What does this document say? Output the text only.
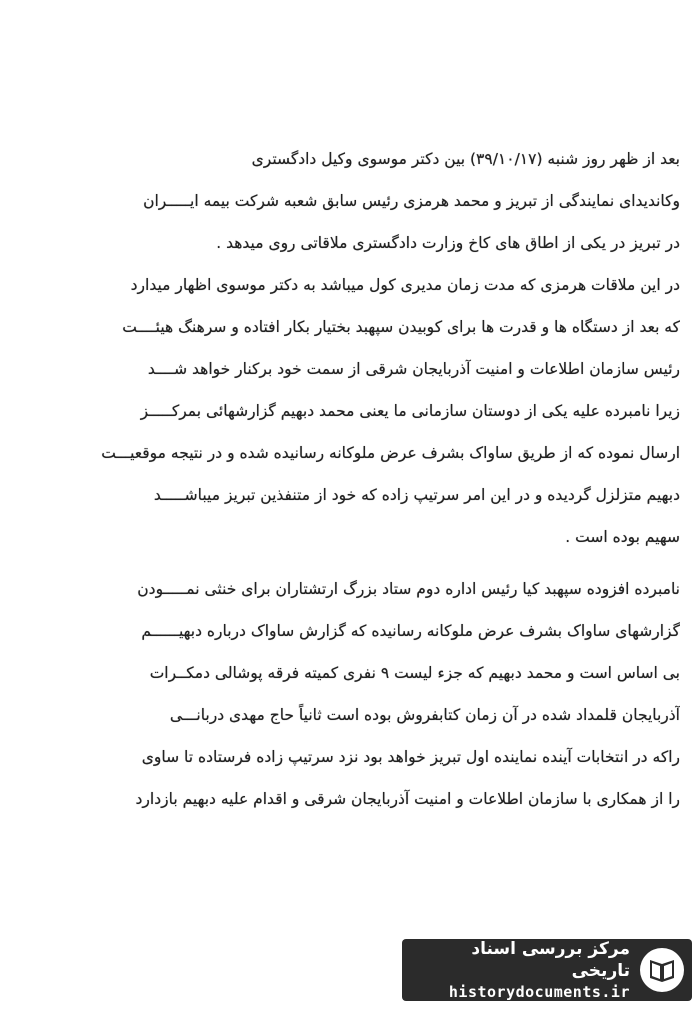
بعد از ظهر روز شنبه (۳۹/۱۰/۱۷) بین دکتر موسوی وکیل دادگستری
وکاندیدای نمایندگی از تبریز و محمد هرمزی رئیس سابق شعبه شرکت بیمه ایـــــران
در تبریز در یکی از اطاق های کاخ وزارت دادگستری ملاقاتی روی میدهد .
در این ملاقات هرمزی که مدت زمان مدیری کول میباشد به دکتر موسوی اظهار میدارد
که بعد از دستگاه ها و قدرت ها برای کوبیدن سپهبد بختیار بکار افتاده و سرهنگ هیئــــت
رئیس سازمان اطلاعات و امنیت آذربایجان شرقی از سمت خود برکنار خواهد شــــد
زیرا نامبرده علیه یکی از دوستان سازمانی ما یعنی محمد دبهیم گزارشهائی بمرکـــــز
ارسال نموده که از طریق ساواک بشرف عرض ملوکانه رسانیده شده و در نتیجه موقعیـــت
دبهیم متزلزل گردیده و در این امر سرتیپ زاده که خود از متنفذین تبریز میباشـــــد
سهیم بوده است .
نامبرده افزوده سپهبد کیا رئیس اداره دوم ستاد بزرگ ارتشتاران برای خنثی نمـــــودن
گزارشهای ساواک بشرف عرض ملوکانه رسانیده که گزارش ساواک درباره دبهیــــــم
بی اساس است و محمد دبهیم که جزء لیست ۹ نفری کمیته فرقه پوشالی دمکــرات
آذربایجان قلمداد شده در آن زمان کتابفروش بوده است ثانیاً حاج مهدی دربانـــی
راکه در انتخابات آینده نماینده اول تبریز خواهد بود نزد سرتیپ زاده فرستاده تا ساوی
را از همکاری با سازمان اطلاعات و امنیت آذربایجان شرقی و اقدام علیه دبهیم بازدارد
مرکز بررسی اسناد تاریخی
historydocuments.ir
